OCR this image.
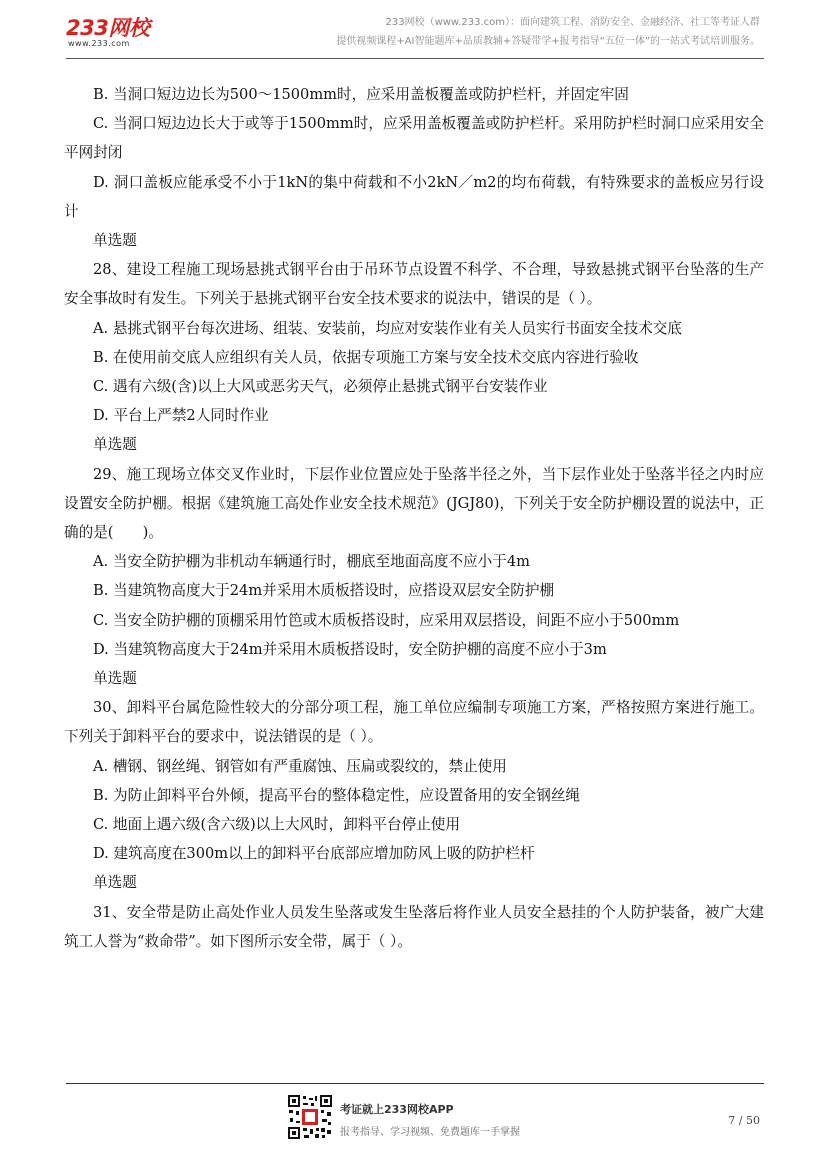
233网校
www.233.com
233网校（www.233.com）：面向建筑工程、消防安全、金融经济、社工等考证人群
提供视频课程+AI智能题库+品质教辅+答疑带学+报考指导“五位一体”的一站式考试培训服务。

B. 当洞口短边边长为500～1500mm时，应采用盖板覆盖或防护栏杆，并固定牢固

C. 当洞口短边边长大于或等于1500mm时，应采用盖板覆盖或防护栏杆。采用防护栏时洞口应采用安全平网封闭

D. 洞口盖板应能承受不小于1kN的集中荷载和不小2kN／m2的均布荷载，有特殊要求的盖板应另行设计

单选题

28、建设工程施工现场悬挑式钢平台由于吊环节点设置不科学、不合理，导致悬挑式钢平台坠落的生产安全事故时有发生。下列关于悬挑式钢平台安全技术要求的说法中，错误的是（ ）。

A. 悬挑式钢平台每次进场、组装、安装前，均应对安装作业有关人员实行书面安全技术交底

B. 在使用前交底人应组织有关人员，依据专项施工方案与安全技术交底内容进行验收

C. 遇有六级(含)以上大风或恶劣天气，必须停止悬挑式钢平台安装作业

D. 平台上严禁2人同时作业

单选题

29、施工现场立体交叉作业时，下层作业位置应处于坠落半径之外，当下层作业处于坠落半径之内时应设置安全防护棚。根据《建筑施工高处作业安全技术规范》(JGJ80)，下列关于安全防护棚设置的说法中，正确的是(　　)。

A. 当安全防护棚为非机动车辆通行时，棚底至地面高度不应小于4m

B. 当建筑物高度大于24m并采用木质板搭设时，应搭设双层安全防护棚

C. 当安全防护棚的顶棚采用竹笆或木质板搭设时，应采用双层搭设，间距不应小于500mm

D. 当建筑物高度大于24m并采用木质板搭设时，安全防护棚的高度不应小于3m

单选题

30、卸料平台属危险性较大的分部分项工程，施工单位应编制专项施工方案，严格按照方案进行施工。下列关于卸料平台的要求中，说法错误的是（ ）。

A. 槽钢、钢丝绳、钢管如有严重腐蚀、压扁或裂纹的，禁止使用

B. 为防止卸料平台外倾，提高平台的整体稳定性，应设置备用的安全钢丝绳

C. 地面上遇六级(含六级)以上大风时，卸料平台停止使用

D. 建筑高度在300m以上的卸料平台底部应增加防风上吸的防护栏杆

单选题

31、安全带是防止高处作业人员发生坠落或发生坠落后将作业人员安全悬挂的个人防护装备，被广大建筑工人誉为“救命带”。如下图所示安全带，属于（ ）。

考证就上233网校APP
报考指导、学习视频、免费题库一手掌握
7 / 50
